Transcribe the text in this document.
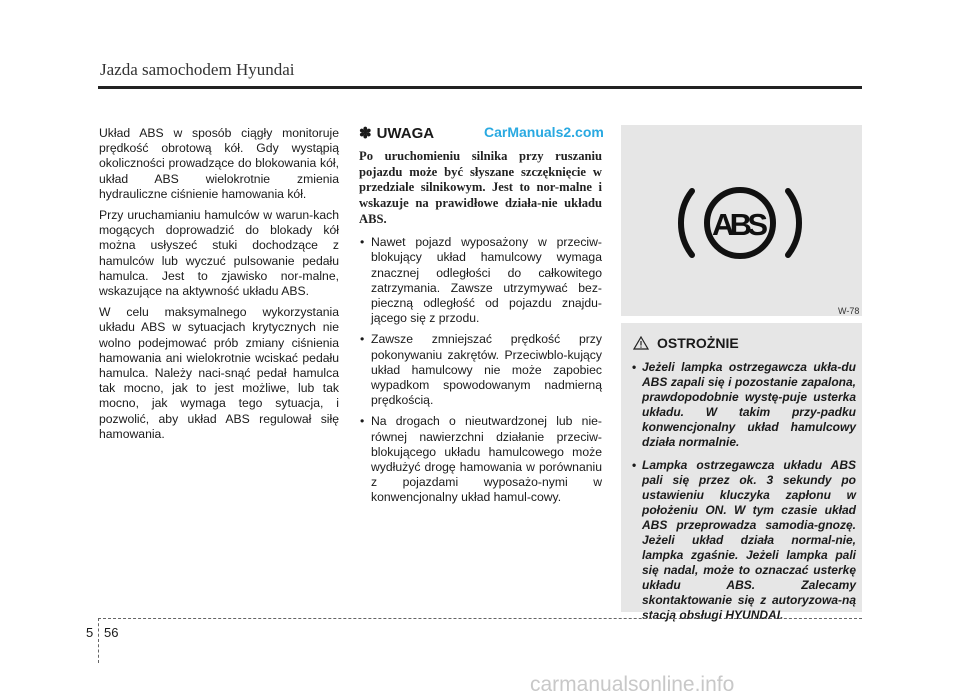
Jazda samochodem Hyundai

Układ ABS w sposób ciągły monitoruje prędkość obrotową kół. Gdy wystąpią okoliczności prowadzące do blokowania kół, układ ABS wielokrotnie zmienia hydrauliczne ciśnienie hamowania kół.

Przy uruchamianiu hamulców w warun-kach mogących doprowadzić do blokady kół można usłyszeć stuki dochodzące z hamulców lub wyczuć pulsowanie pedału hamulca. Jest to zjawisko nor-malne, wskazujące na aktywność układu ABS.

W celu maksymalnego wykorzystania układu ABS w sytuacjach krytycznych nie wolno podejmować prób zmiany ciśnienia hamowania ani wielokrotnie wciskać pedału hamulca. Należy naci-snąć pedał hamulca tak mocno, jak to jest możliwe, lub tak mocno, jak wymaga tego sytuacja, i pozwolić, aby układ ABS regulował siłę hamowania.

✽ UWAGA
Po uruchomieniu silnika przy ruszaniu pojazdu może być słyszane szczęknięcie w przedziale silnikowym. Jest to nor-malne i wskazuje na prawidłowe działa-nie układu ABS.
• Nawet pojazd wyposażony w przeciw-blokujący układ hamulcowy wymaga znacznej odległości do całkowitego zatrzymania. Zawsze utrzymywać bez-pieczną odległość od pojazdu znajdu-jącego się z przodu.
• Zawsze zmniejszać prędkość przy pokonywaniu zakrętów. Przeciwblo-kujący układ hamulcowy nie może zapobiec wypadkom spowodowanym nadmierną prędkością.
• Na drogach o nieutwardzonej lub nie-równej nawierzchni działanie przeciw-blokującego układu hamulcowego może wydłużyć drogę hamowania w porównaniu z pojazdami wyposażo-nymi w konwencjonalny układ hamul-cowy.
CarManuals2.com
ABS
W-78
OSTROŻNIE
• Jeżeli lampka ostrzegawcza ukła-du ABS zapali się i pozostanie zapalona, prawdopodobnie wystę-puje usterka układu. W takim przy-padku konwencjonalny układ hamulcowy działa normalnie.
• Lampka ostrzegawcza układu ABS pali się przez ok. 3 sekundy po ustawieniu kluczyka zapłonu w położeniu ON. W tym czasie układ ABS przeprowadza samodia-gnozę. Jeżeli układ działa normal-nie, lampka zgaśnie. Jeżeli lampka pali się nadal, może to oznaczać usterkę układu ABS. Zalecamy skontaktowanie się z autoryzowa-ną stacją obsługi HYUNDAI.
5 56
carmanualsonline.info
